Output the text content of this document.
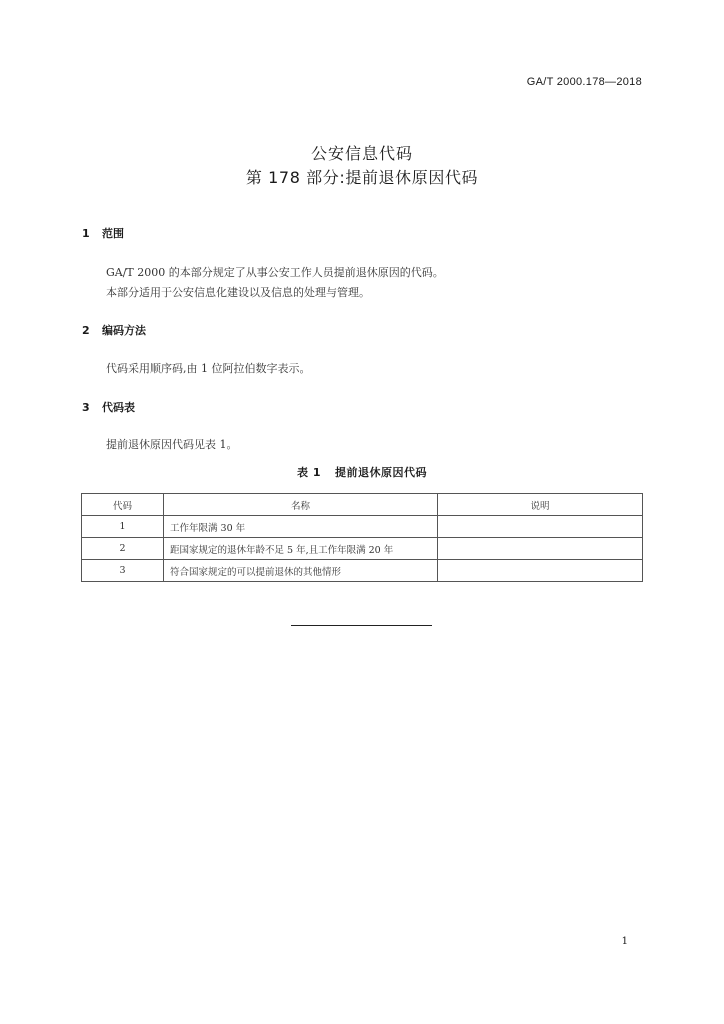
GA/T 2000.178—2018
公安信息代码
第 178 部分:提前退休原因代码
1 范围
GA/T 2000 的本部分规定了从事公安工作人员提前退休原因的代码。
本部分适用于公安信息化建设以及信息的处理与管理。
2 编码方法
代码采用顺序码,由 1 位阿拉伯数字表示。
3 代码表
提前退休原因代码见表 1。
表 1 提前退休原因代码
代码	名称	说明
1	工作年限满 30 年	
2	距国家规定的退休年龄不足 5 年,且工作年限满 20 年	
3	符合国家规定的可以提前退休的其他情形	
1
